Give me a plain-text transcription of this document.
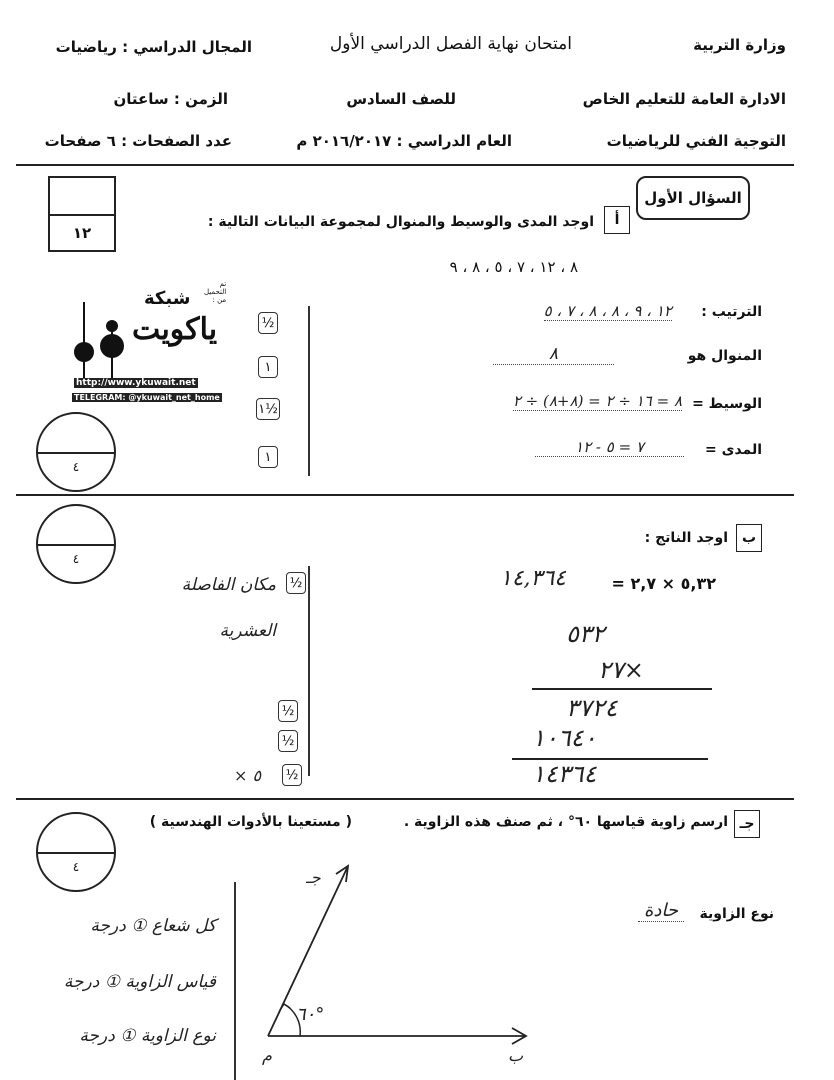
وزارة التربية
امتحان نهاية الفصل الدراسي الأول
المجال الدراسي : رياضيات
الادارة العامة للتعليم الخاص
للصف السادس
الزمن : ساعتان
التوجية الفني للرياضيات
العام الدراسي : ٢٠١٦/٢٠١٧ م
عدد الصفحات : ٦ صفحات
١٢
السؤال الأول
أ
اوجد المدى والوسيط والمنوال لمجموعة البيانات التالية :
٨ ، ١٢ ، ٧ ، ٥ ، ٨ ، ٩
تم التحميل من :
شبكة
ياكويت
http://www.ykuwait.net
TELEGRAM: @ykuwait_net_home
½
١
١½
١
الترتيب :
١٢ ، ٩ ، ٨ ، ٨ ، ٧ ، ٥
المنوال هو
٨
الوسيط =
٨ = ١٦ ÷ ٢ = (٨+٨) ÷ ٢
المدى =
٧ = ٥ - ١٢
٤
ب
اوجد الناتج :
٤
٥,٣٢ × ٢,٧ =
١٤,٣٦٤
½
مكان الفاصلة العشرية	٥٣٢
٢٧×
٣٧٢٤
١٠٦٤٠
١٤٣٦٤
½
½
½
٥ ×
جـ
ارسم زاوية قياسها ٦٠° ، ثم صنف هذه الزاوية .
( مستعينا بالأدوات الهندسية )
٤
نوع الزاوية
حادة
٦٠°
جـ
ب
م
كل شعاع ① درجة
قياس الزاوية ① درجة
نوع الزاوية ① درجة
